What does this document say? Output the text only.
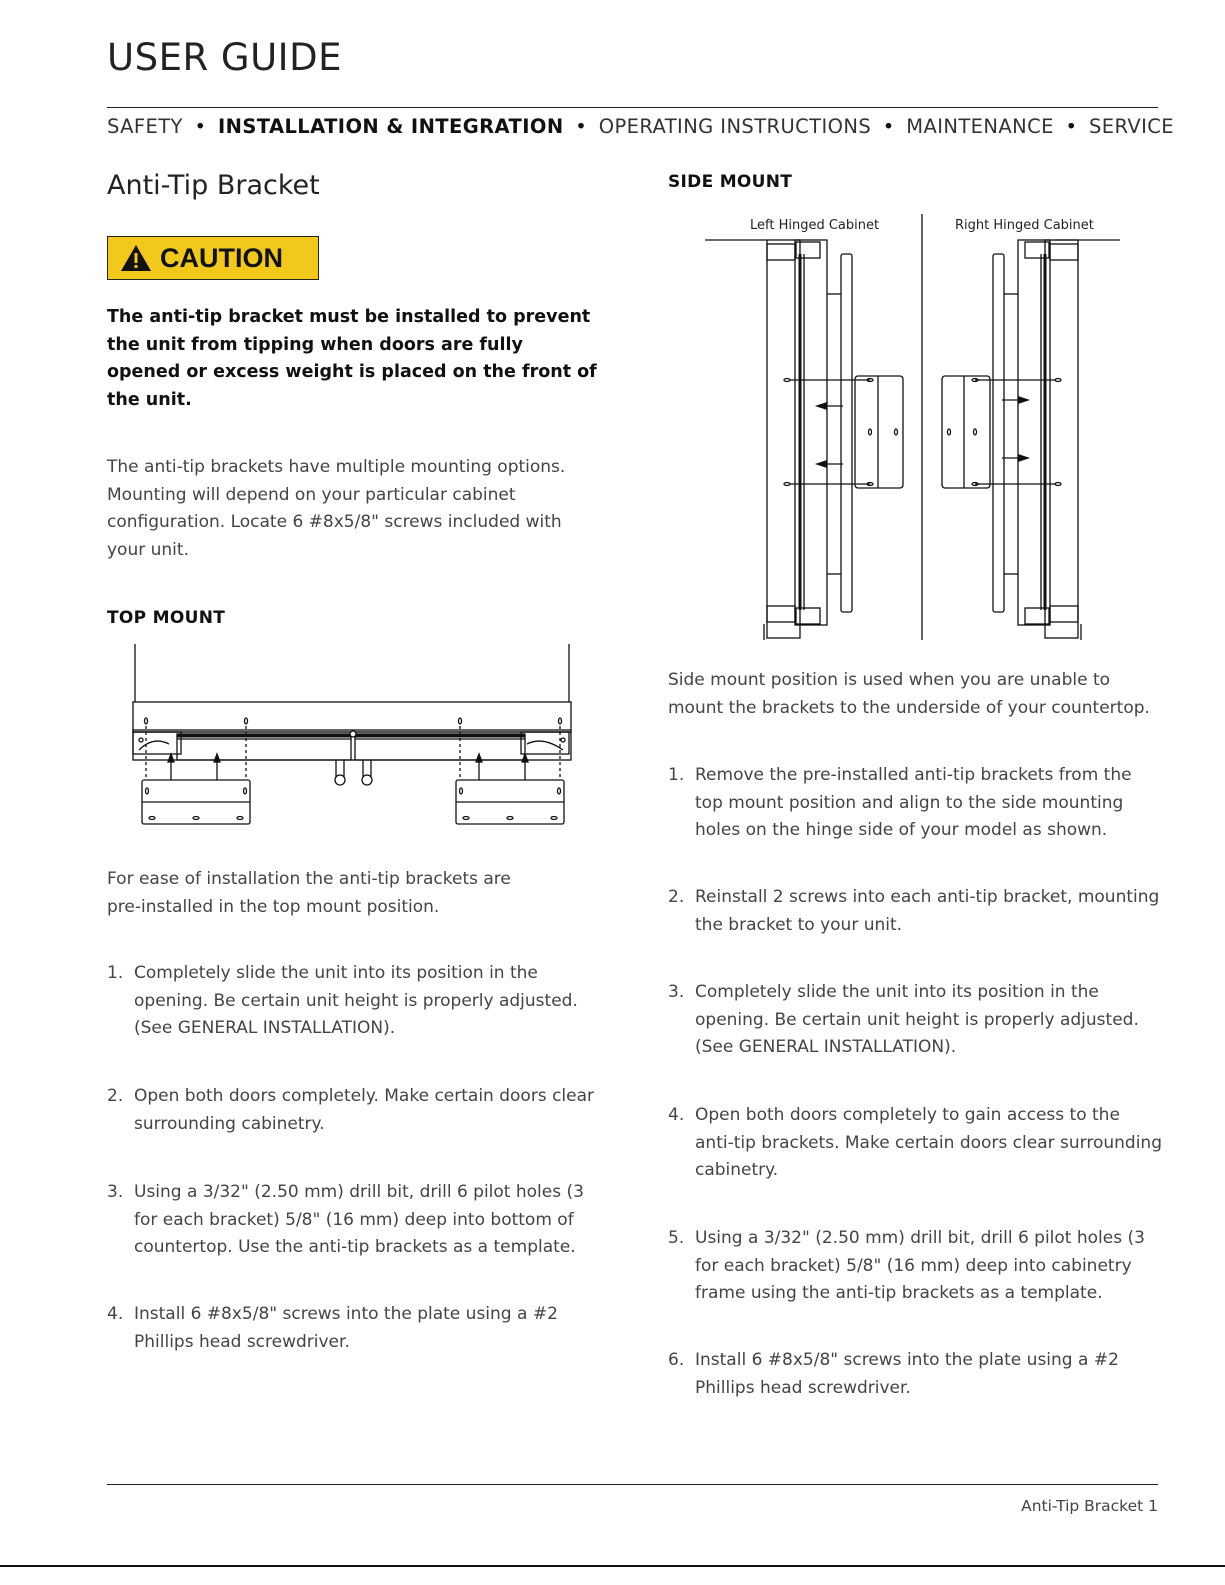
USER GUIDE
SAFETY • INSTALLATION & INTEGRATION • OPERATING INSTRUCTIONS • MAINTENANCE • SERVICE
Anti-Tip Bracket
CAUTION
The anti-tip bracket must be installed to prevent the unit from tipping when doors are fully opened or excess weight is placed on the front of the unit.
The anti-tip brackets have multiple mounting options. Mounting will depend on your particular cabinet configuration. Locate 6 #8x5/8" screws included with your unit.
TOP MOUNT
For ease of installation the anti-tip brackets are pre-installed in the top mount position.
1. Completely slide the unit into its position in the opening. Be certain unit height is properly adjusted. (See GENERAL INSTALLATION).
2. Open both doors completely. Make certain doors clear surrounding cabinetry.
3. Using a 3/32" (2.50 mm) drill bit, drill 6 pilot holes (3 for each bracket) 5/8" (16 mm) deep into bottom of countertop. Use the anti-tip brackets as a template.
4. Install 6 #8x5/8" screws into the plate using a #2 Phillips head screwdriver.
SIDE MOUNT
Left Hinged Cabinet	Right Hinged Cabinet
Side mount position is used when you are unable to mount the brackets to the underside of your countertop.
1. Remove the pre-installed anti-tip brackets from the top mount position and align to the side mounting holes on the hinge side of your model as shown.
2. Reinstall 2 screws into each anti-tip bracket, mounting the bracket to your unit.
3. Completely slide the unit into its position in the opening. Be certain unit height is properly adjusted. (See GENERAL INSTALLATION).
4. Open both doors completely to gain access to the anti-tip brackets. Make certain doors clear surrounding cabinetry.
5. Using a 3/32" (2.50 mm) drill bit, drill 6 pilot holes (3 for each bracket) 5/8" (16 mm) deep into cabinetry frame using the anti-tip brackets as a template.
6. Install 6 #8x5/8" screws into the plate using a #2 Phillips head screwdriver.
Anti-Tip Bracket 1
